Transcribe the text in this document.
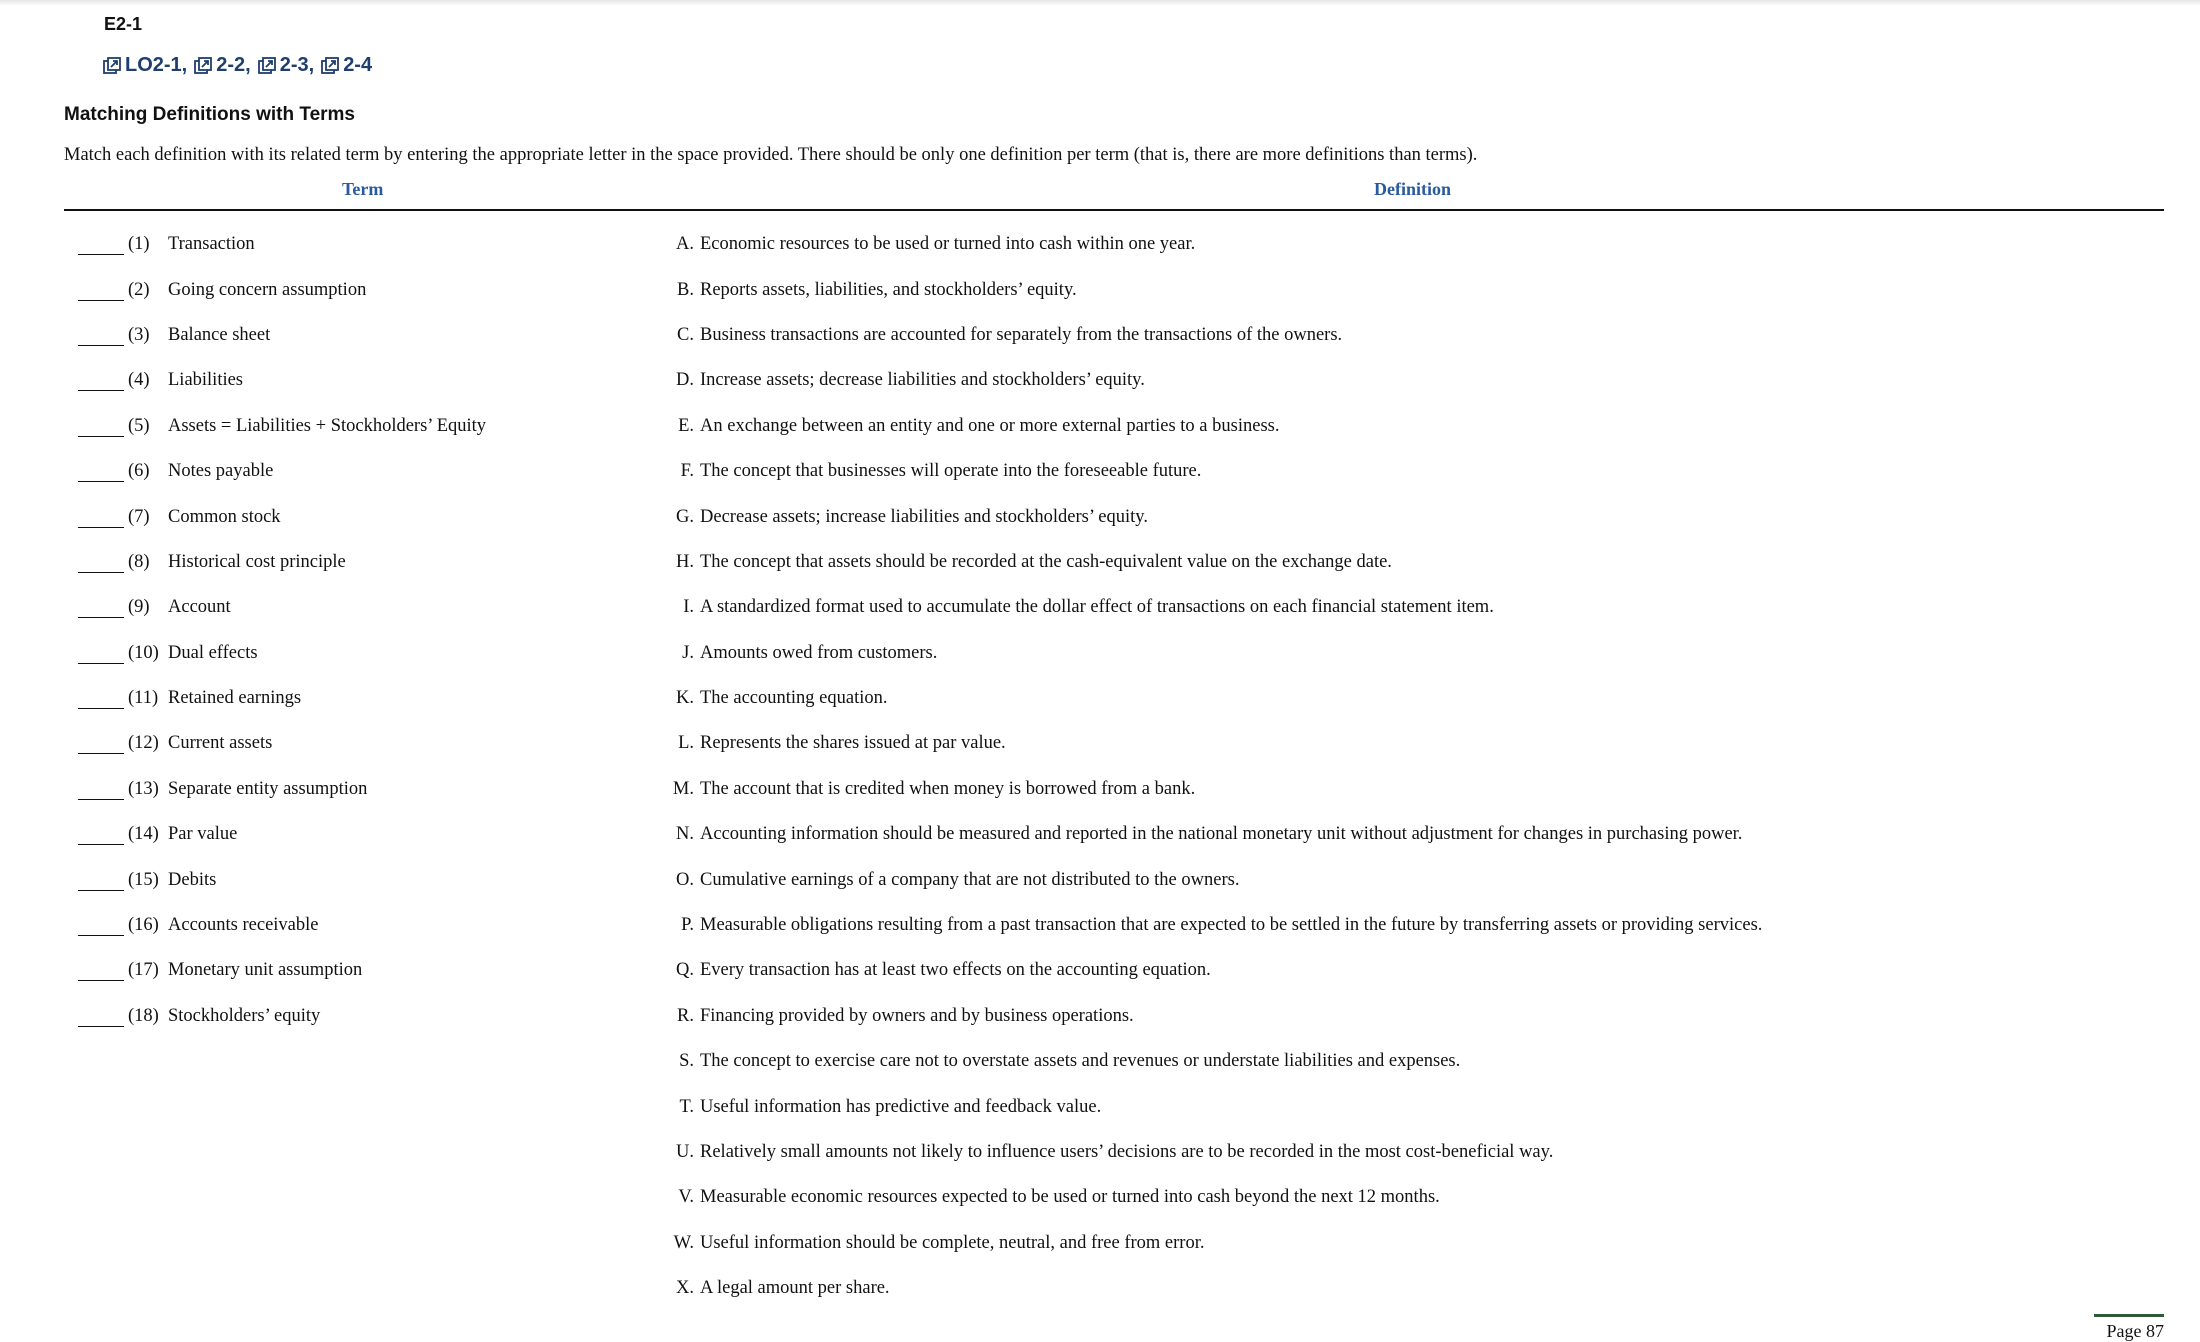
E2-1
LO2-1, 2-2, 2-3, 2-4
Matching Definitions with Terms
Match each definition with its related term by entering the appropriate letter in the space provided. There should be only one definition per term (that is, there are more definitions than terms).
Term	Definition
(1) Transaction
(2) Going concern assumption
(3) Balance sheet
(4) Liabilities
(5) Assets = Liabilities + Stockholders’ Equity
(6) Notes payable
(7) Common stock
(8) Historical cost principle
(9) Account
(10) Dual effects
(11) Retained earnings
(12) Current assets
(13) Separate entity assumption
(14) Par value
(15) Debits
(16) Accounts receivable
(17) Monetary unit assumption
(18) Stockholders’ equity
A. Economic resources to be used or turned into cash within one year.
B. Reports assets, liabilities, and stockholders’ equity.
C. Business transactions are accounted for separately from the transactions of the owners.
D. Increase assets; decrease liabilities and stockholders’ equity.
E. An exchange between an entity and one or more external parties to a business.
F. The concept that businesses will operate into the foreseeable future.
G. Decrease assets; increase liabilities and stockholders’ equity.
H. The concept that assets should be recorded at the cash-equivalent value on the exchange date.
I. A standardized format used to accumulate the dollar effect of transactions on each financial statement item.
J. Amounts owed from customers.
K. The accounting equation.
L. Represents the shares issued at par value.
M. The account that is credited when money is borrowed from a bank.
N. Accounting information should be measured and reported in the national monetary unit without adjustment for changes in purchasing power.
O. Cumulative earnings of a company that are not distributed to the owners.
P. Measurable obligations resulting from a past transaction that are expected to be settled in the future by transferring assets or providing services.
Q. Every transaction has at least two effects on the accounting equation.
R. Financing provided by owners and by business operations.
S. The concept to exercise care not to overstate assets and revenues or understate liabilities and expenses.
T. Useful information has predictive and feedback value.
U. Relatively small amounts not likely to influence users’ decisions are to be recorded in the most cost-beneficial way.
V. Measurable economic resources expected to be used or turned into cash beyond the next 12 months.
W. Useful information should be complete, neutral, and free from error.
X. A legal amount per share.
Page 87
